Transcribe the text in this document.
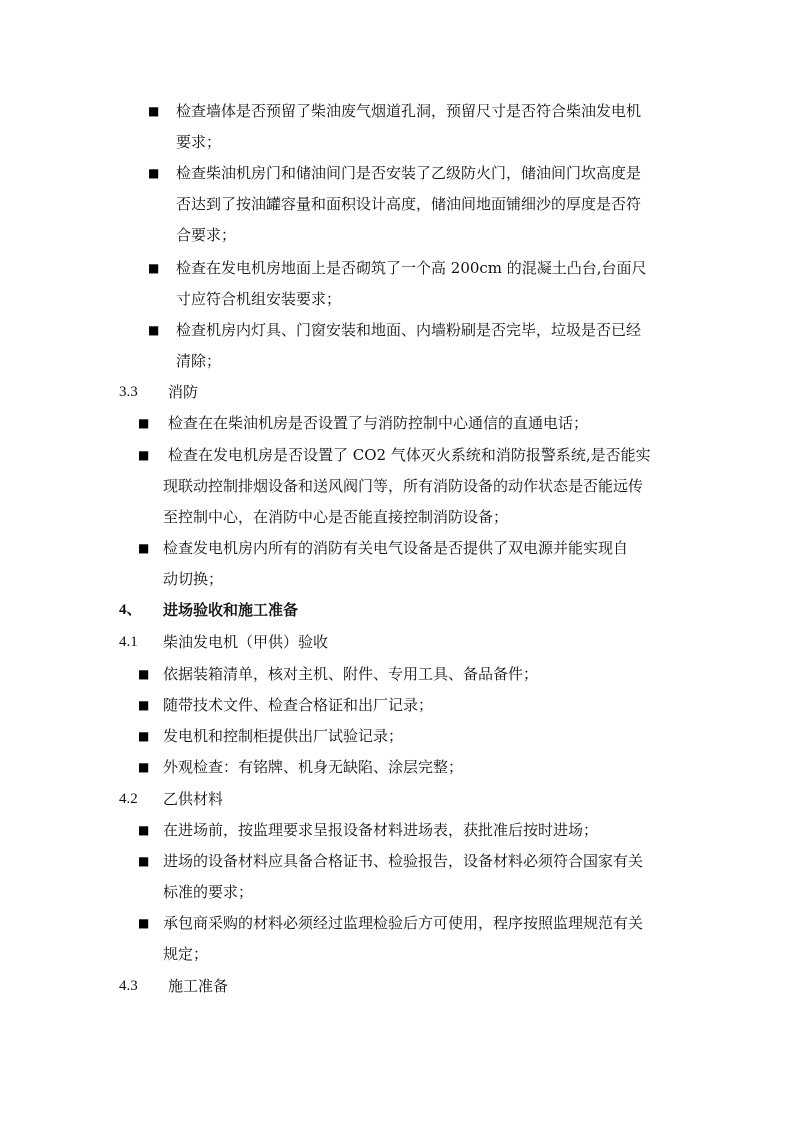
■ 检查墙体是否预留了柴油废气烟道孔洞，预留尺寸是否符合柴油发电机
要求；
■ 检查柴油机房门和储油间门是否安装了乙级防火门，储油间门坎高度是
否达到了按油罐容量和面积设计高度，储油间地面铺细沙的厚度是否符
合要求；
■ 检查在发电机房地面上是否砌筑了一个高 200cm 的混凝土凸台,台面尺
寸应符合机组安装要求；
■ 检查机房内灯具、门窗安装和地面、内墙粉刷是否完毕，垃圾是否已经
清除；
3.3 消防
■ 检查在在柴油机房是否设置了与消防控制中心通信的直通电话；
■ 检查在发电机房是否设置了 CO2 气体灭火系统和消防报警系统,是否能实
现联动控制排烟设备和送风阀门等，所有消防设备的动作状态是否能远传
至控制中心，在消防中心是否能直接控制消防设备；
■ 检查发电机房内所有的消防有关电气设备是否提供了双电源并能实现自
动切换；
4、 进场验收和施工准备
4.1 柴油发电机（甲供）验收
■ 依据装箱清单，核对主机、附件、专用工具、备品备件；
■ 随带技术文件、检查合格证和出厂记录；
■ 发电机和控制柜提供出厂试验记录；
■ 外观检查：有铭牌、机身无缺陷、涂层完整；
4.2 乙供材料
■ 在进场前，按监理要求呈报设备材料进场表，获批准后按时进场；
■ 进场的设备材料应具备合格证书、检验报告，设备材料必须符合国家有关
标准的要求；
■ 承包商采购的材料必须经过监理检验后方可使用，程序按照监理规范有关
规定；
4.3 施工准备
